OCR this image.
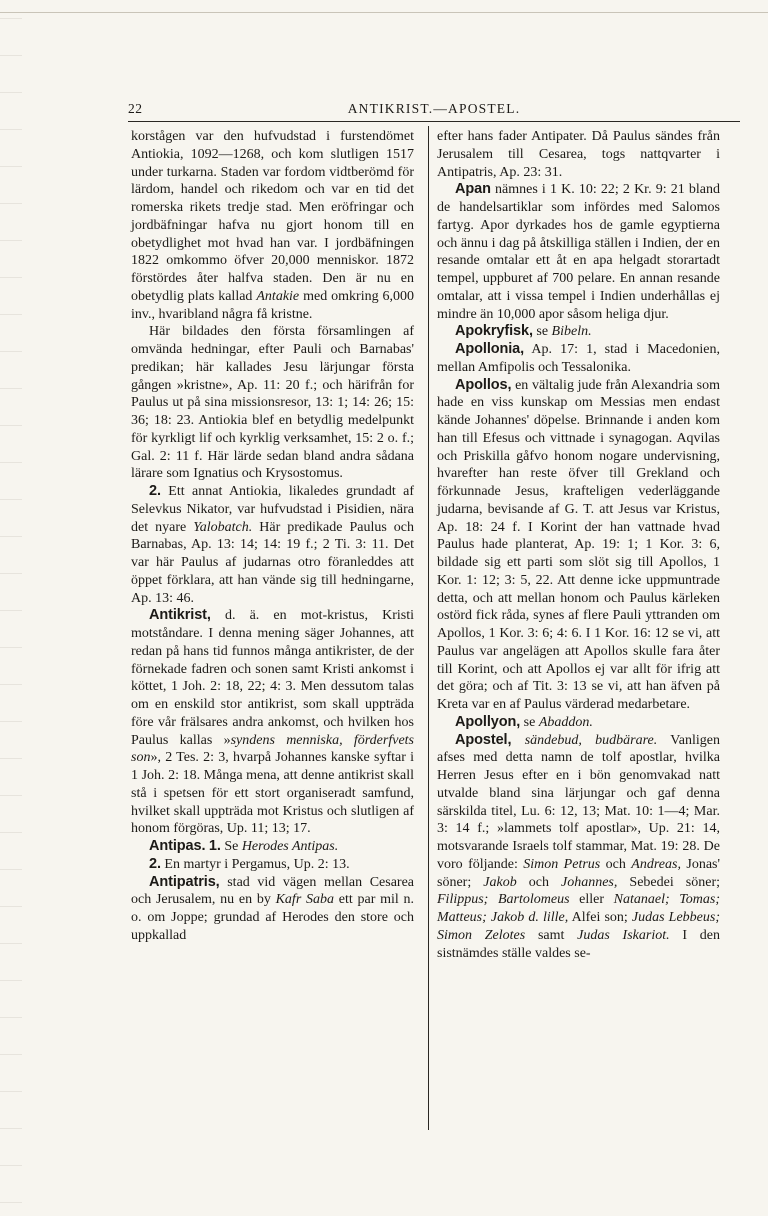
22	ANTIKRIST.—APOSTEL.

korstågen var den hufvudstad i furstendömet Antiokia, 1092—1268, och kom slutligen 1517 under turkarna. Staden var fordom vidtberömd för lärdom, handel och rikedom och var en tid det romerska rikets tredje stad. Men eröfringar och jordbäfningar hafva nu gjort honom till en obetydlighet mot hvad han var. I jordbäfningen 1822 omkommo öfver 20,000 menniskor. 1872 förstördes åter halfva staden. Den är nu en obetydlig plats kallad Antakie med omkring 6,000 inv., hvaribland några få kristne.

Här bildades den första församlingen af omvända hedningar, efter Pauli och Barnabas' predikan; här kallades Jesu lärjungar första gången »kristne», Ap. 11: 20 f.; och härifrån for Paulus ut på sina missionsresor, 13: 1; 14: 26; 15: 36; 18: 23. Antiokia blef en betydlig medelpunkt för kyrkligt lif och kyrklig verksamhet, 15: 2 o. f.; Gal. 2: 11 f. Här lärde sedan bland andra sådana lärare som Ignatius och Krysostomus.

2. Ett annat Antiokia, likaledes grundadt af Selevkus Nikator, var hufvudstad i Pisidien, nära det nyare Yalobatch. Här predikade Paulus och Barnabas, Ap. 13: 14; 14: 19 f.; 2 Ti. 3: 11. Det var här Paulus af judarnas otro föranleddes att öppet förklara, att han vände sig till hedningarne, Ap. 13: 46.

Antikrist, d. ä. en mot-kristus, Kristi motståndare. I denna mening säger Johannes, att redan på hans tid funnos många antikrister, de der förnekade fadren och sonen samt Kristi ankomst i köttet, 1 Joh. 2: 18, 22; 4: 3. Men dessutom talas om en enskild stor antikrist, som skall uppträda före vår frälsares andra ankomst, och hvilken hos Paulus kallas »syndens menniska, förderfvets son», 2 Tes. 2: 3, hvarpå Johannes kanske syftar i 1 Joh. 2: 18. Många mena, att denne antikrist skall stå i spetsen för ett stort organiseradt samfund, hvilket skall uppträda mot Kristus och slutligen af honom förgöras, Up. 11; 13; 17.

Antipas. 1. Se Herodes Antipas.

2. En martyr i Pergamus, Up. 2: 13.

Antipatris, stad vid vägen mellan Cesarea och Jerusalem, nu en by Kafr Saba ett par mil n. o. om Joppe; grundad af Herodes den store och uppkallad

efter hans fader Antipater. Då Paulus sändes från Jerusalem till Cesarea, togs nattqvarter i Antipatris, Ap. 23: 31.

Apan nämnes i 1 K. 10: 22; 2 Kr. 9: 21 bland de handelsartiklar som infördes med Salomos fartyg. Apor dyrkades hos de gamle egyptierna och ännu i dag på åtskilliga ställen i Indien, der en resande omtalar ett åt en apa helgadt storartadt tempel, uppburet af 700 pelare. En annan resande omtalar, att i vissa tempel i Indien underhållas ej mindre än 10,000 apor såsom heliga djur.

Apokryfisk, se Bibeln.

Apollonia, Ap. 17: 1, stad i Macedonien, mellan Amfipolis och Tessalonika.

Apollos, en vältalig jude från Alexandria som hade en viss kunskap om Messias men endast kände Johannes' döpelse. Brinnande i anden kom han till Efesus och vittnade i synagogan. Aqvilas och Priskilla gåfvo honom nogare undervisning, hvarefter han reste öfver till Grekland och förkunnade Jesus, krafteligen vederläggande judarna, bevisande af G. T. att Jesus var Kristus, Ap. 18: 24 f. I Korint der han vattnade hvad Paulus hade planterat, Ap. 19: 1; 1 Kor. 3: 6, bildade sig ett parti som slöt sig till Apollos, 1 Kor. 1: 12; 3: 5, 22. Att denne icke uppmuntrade detta, och att mellan honom och Paulus kärleken ostörd fick råda, synes af flere Pauli yttranden om Apollos, 1 Kor. 3: 6; 4: 6. I 1 Kor. 16: 12 se vi, att Paulus var angelägen att Apollos skulle fara åter till Korint, och att Apollos ej var allt för ifrig att det göra; och af Tit. 3: 13 se vi, att han äfven på Kreta var en af Paulus värderad medarbetare.

Apollyon, se Abaddon.

Apostel, sändebud, budbärare. Vanligen afses med detta namn de tolf apostlar, hvilka Herren Jesus efter en i bön genomvakad natt utvalde bland sina lärjungar och gaf denna särskilda titel, Lu. 6: 12, 13; Mat. 10: 1—4; Mar. 3: 14 f.; »lammets tolf apostlar», Up. 21: 14, motsvarande Israels tolf stammar, Mat. 19: 28. De voro följande: Simon Petrus och Andreas, Jonas' söner; Jakob och Johannes, Sebedei söner; Filippus; Bartolomeus eller Natanael; Tomas; Matteus; Jakob d. lille, Alfei son; Judas Lebbeus; Simon Zelotes samt Judas Iskariot. I den sistnämdes ställe valdes se-
